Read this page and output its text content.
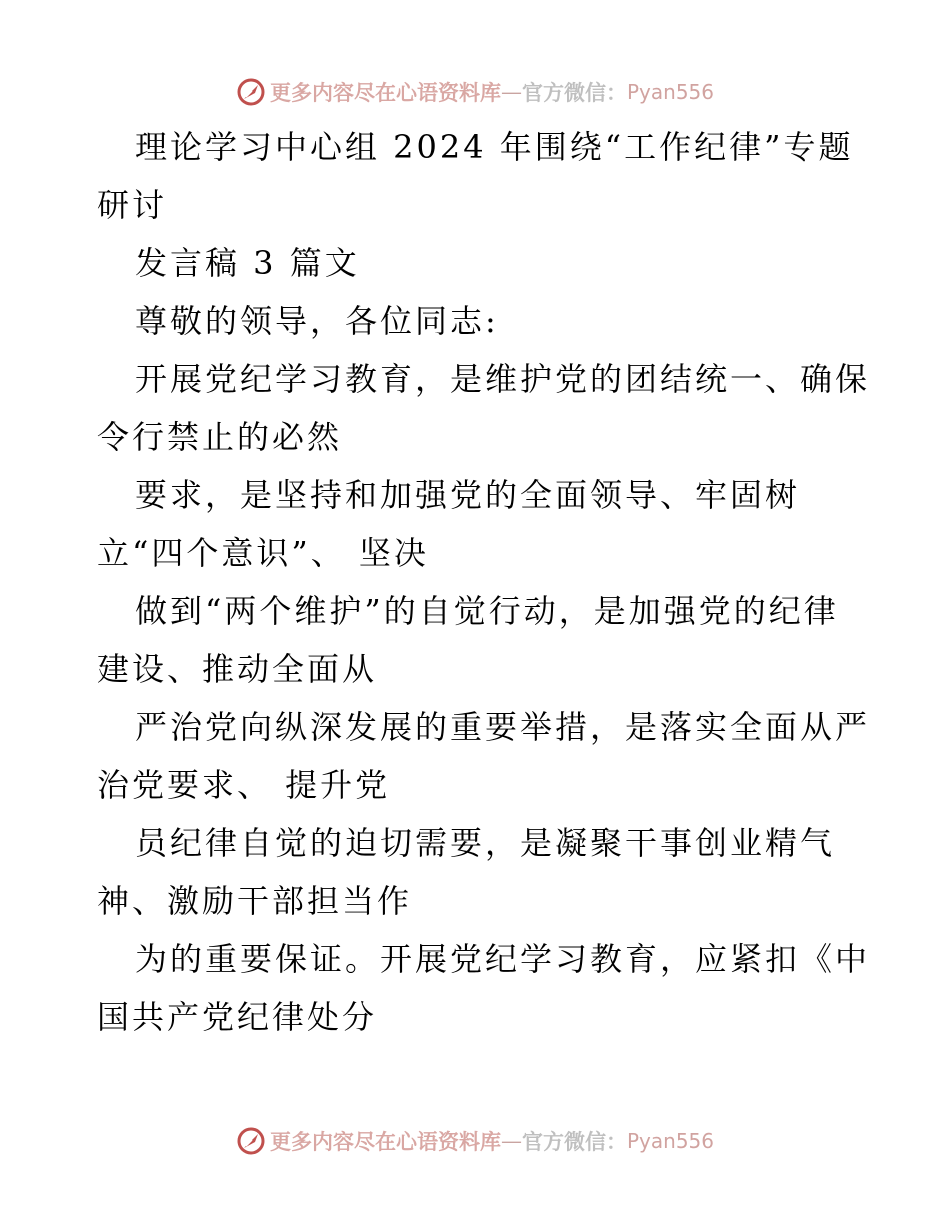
更多内容尽在心语资料库 — 官方微信： Pyan556
理论学习中心组 2024 年围绕“工作纪律”专题
研讨
发言稿 3 篇文
尊敬的领导，各位同志:
开展党纪学习教育，是维护党的团结统一、确保
令行禁止的必然
要求，是坚持和加强党的全面领导、牢固树
立“四个意识”、 坚决
做到“两个维护”的自觉行动，是加强党的纪律
建设、推动全面从
严治党向纵深发展的重要举措，是落实全面从严
治党要求、 提升党
员纪律自觉的迫切需要，是凝聚干事创业精气
神、激励干部担当作
为的重要保证。开展党纪学习教育，应紧扣《中
国共产党纪律处分
更多内容尽在心语资料库 — 官方微信： Pyan556
